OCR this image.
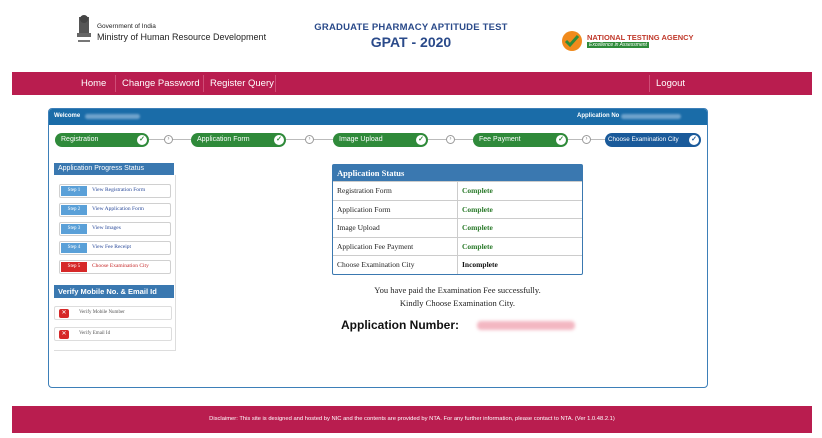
Government of India
Ministry of Human Resource Development
GRADUATE PHARMACY APTITUDE TEST
GPAT - 2020	NATIONAL TESTING AGENCY
Excellence in Assessment
Home Change Password Register Query	Logout
Welcome	Application No
Registration	✓	›	Application Form	✓	›	Image Upload	✓	›	Fee Payment	✓	›	Choose Examination City ✓
Application Progress Status
Step 1	View Registration Form
Step 2	View Application Form
Step 3	View Images
Step 4	View Fee Receipt
Step 5	Choose Examination City
Verify Mobile No. & Email Id
✕	Verify Mobile Number
✕	Verify Email Id
Application Status
Registration Form	Complete
Application Form	Complete
Image Upload	Complete
Application Fee Payment	Complete
Choose Examination City	Incomplete
You have paid the Examination Fee successfully.
Kindly Choose Examination City.
Application Number:
Disclaimer: This site is designed and hosted by NIC and the contents are provided by NTA. For any further information, please contact to NTA. (Ver 1.0.48.2.1)
